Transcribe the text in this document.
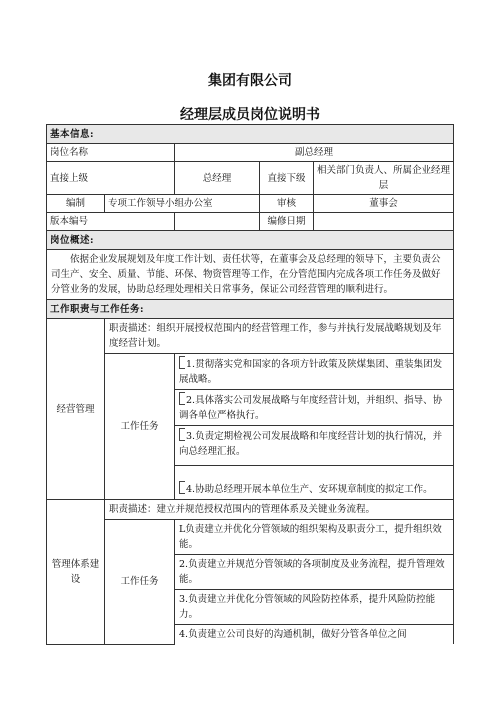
集团有限公司
经理层成员岗位说明书
基本信息:				
岗位名称		副总经理		
直接上级		总经理	直接下级	相关部门负责人、所属企业经理层
编制	专项工作领导小组办公室		审核	董事会
版本编号			编修日期	
岗位概述:				
依据企业发展规划及年度工作计划、责任状等，在董事会及总经理的领导下，主要负责公司生产、安全、质量、节能、环保、物资管理等工作，在分管范围内完成各项工作任务及做好分管业务的发展，协助总经理处理相关日常事务，保证公司经营管理的顺利进行。				
工作职责与工作任务:				
经营管理	职责描述：组织开展授权范围内的经营管理工作，参与并执行发展战略规划及年度经营计划。			
	工作任务	1.贯彻落实党和国家的各项方针政策及陕煤集团、重装集团发展战略。		
		2.具体落实公司发展战略与年度经营计划，并组织、指导、协调各单位严格执行。		
		3.负责定期检视公司发展战略和年度经营计划的执行情况，并向总经理汇报。		
		4.协助总经理开展本单位生产、安环规章制度的拟定工作。		
管理体系建设	职责描述：建立并规范授权范围内的管理体系及关键业务流程。			
	工作任务	L负责建立并优化分管领域的组织架构及职责分工，提升组织效能。		
		2.负责建立并规范分管领域的各项制度及业务流程，提升管理效能。		
		3.负责建立并优化分管领域的风险防控体系，提升风险防控能力。		
		4.负责建立公司良好的沟通机制，做好分管各单位之间		
